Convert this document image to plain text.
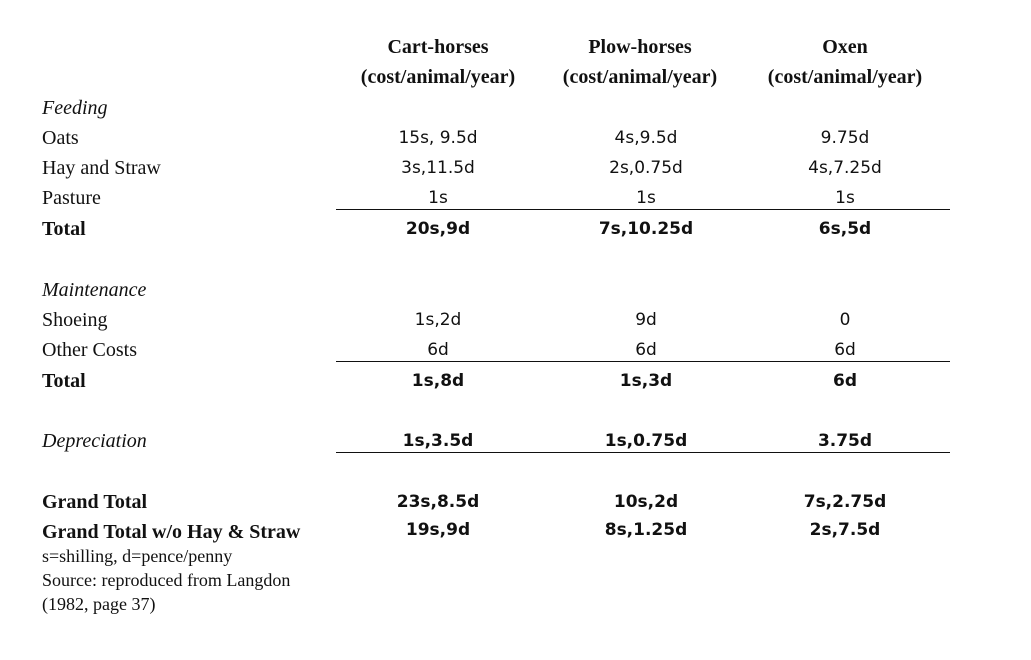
Cart-horses
(cost/animal/year)
Plow-horses
(cost/animal/year)
Oxen
(cost/animal/year)
Feeding
Oats	15s, 9.5d	4s,9.5d	9.75d
Hay and Straw	3s,11.5d	2s,0.75d	4s,7.25d
Pasture	1s	1s	1s
Total	20s,9d	7s,10.25d	6s,5d
Maintenance
Shoeing	1s,2d	9d	0
Other Costs	6d	6d	6d
Total	1s,8d	1s,3d	6d
Depreciation	1s,3.5d	1s,0.75d	3.75d
Grand Total	23s,8.5d	10s,2d	7s,2.75d
Grand Total w/o Hay & Straw	19s,9d	8s,1.25d	2s,7.5d
s=shilling, d=pence/penny
Source: reproduced from Langdon
(1982, page 37)
